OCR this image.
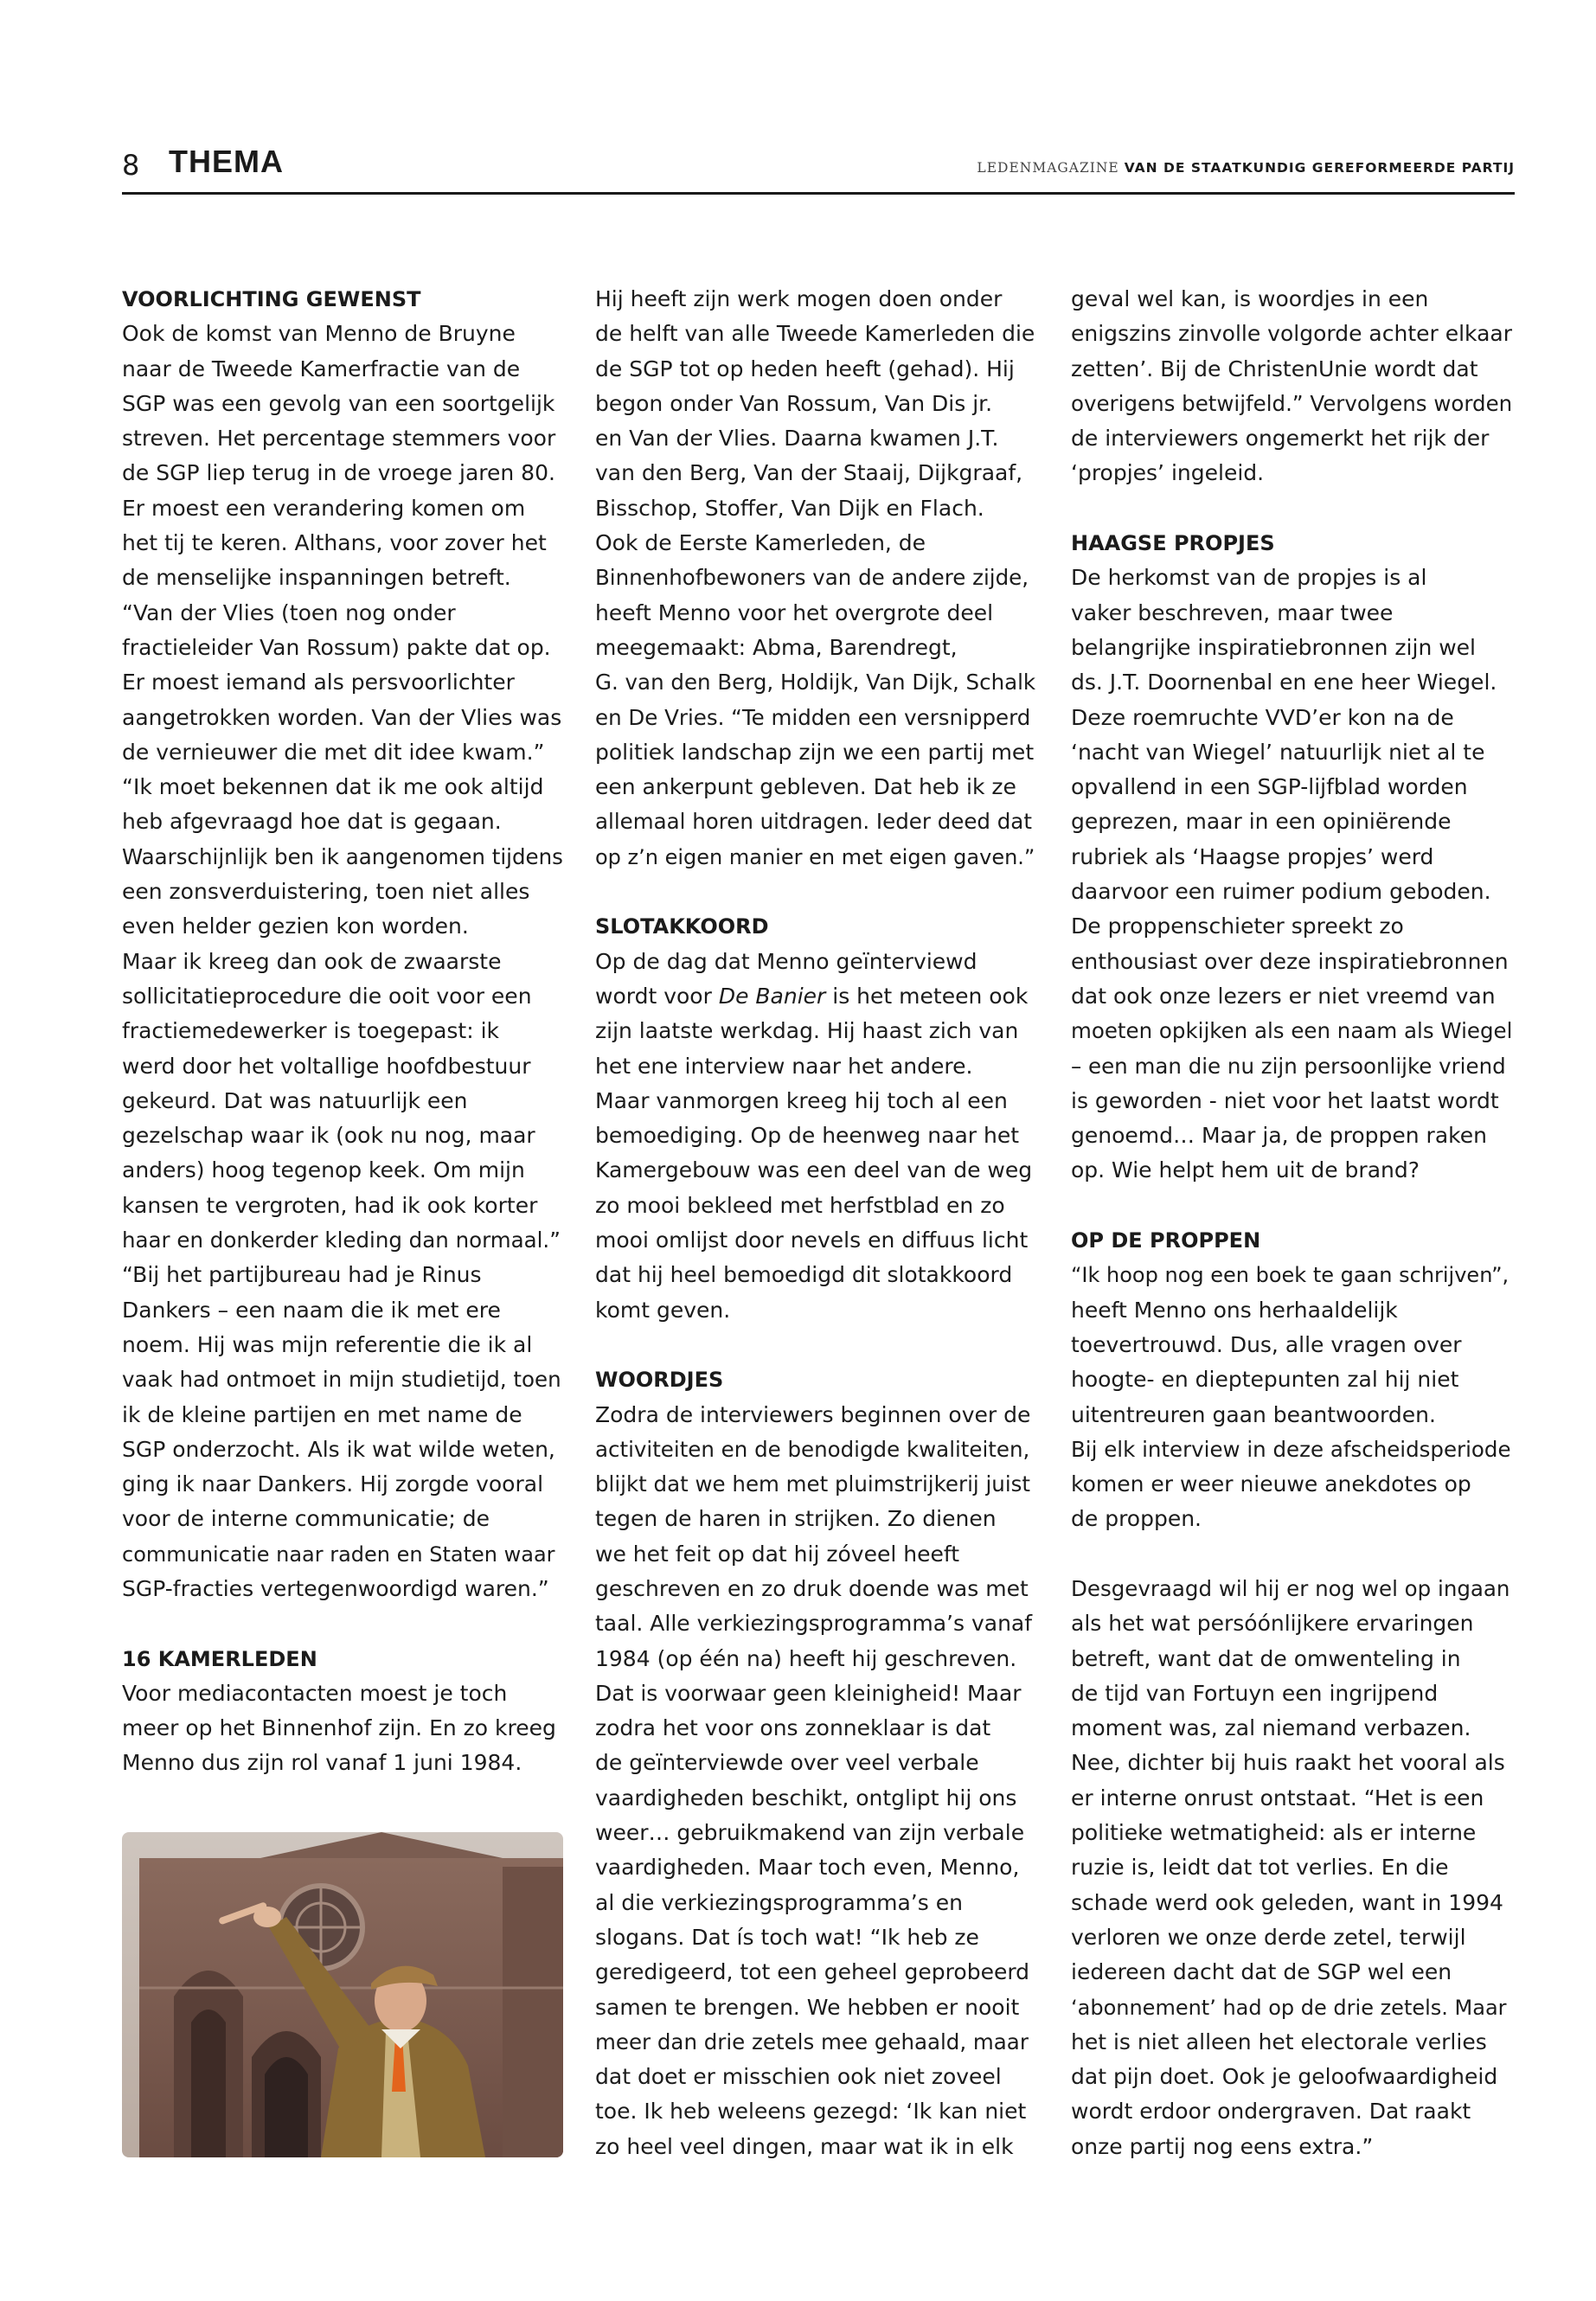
8 THEMA	LEDENMAGAZINE VAN DE STAATKUNDIG GEREFORMEERDE PARTIJ
VOORLICHTING GEWENST

Ook de komst van Menno de Bruyne

naar de Tweede Kamerfractie van de

SGP was een gevolg van een soortgelijk

streven. Het percentage stemmers voor

de SGP liep terug in de vroege jaren 80.

Er moest een verandering komen om

het tij te keren. Althans, voor zover het

de menselijke inspanningen betreft.

“Van der Vlies (toen nog onder

fractieleider Van Rossum) pakte dat op.

Er moest iemand als persvoorlichter

aangetrokken worden. Van der Vlies was

de vernieuwer die met dit idee kwam.”

“Ik moet bekennen dat ik me ook altijd

heb afgevraagd hoe dat is gegaan.

Waarschijnlijk ben ik aangenomen tijdens

een zonsverduistering, toen niet alles

even helder gezien kon worden.

Maar ik kreeg dan ook de zwaarste

sollicitatieprocedure die ooit voor een

fractiemedewerker is toegepast: ik

werd door het voltallige hoofdbestuur

gekeurd. Dat was natuurlijk een

gezelschap waar ik (ook nu nog, maar

anders) hoog tegenop keek. Om mijn

kansen te vergroten, had ik ook korter

haar en donkerder kleding dan normaal.”

“Bij het partijbureau had je Rinus

Dankers – een naam die ik met ere

noem. Hij was mijn referentie die ik al

vaak had ontmoet in mijn studietijd, toen

ik de kleine partijen en met name de

SGP onderzocht. Als ik wat wilde weten,

ging ik naar Dankers. Hij zorgde vooral

voor de interne communicatie; de

communicatie naar raden en Staten waar

SGP-fracties vertegenwoordigd waren.”

16 KAMERLEDEN

Voor mediacontacten moest je toch

meer op het Binnenhof zijn. En zo kreeg

Menno dus zijn rol vanaf 1 juni 1984.

Hij heeft zijn werk mogen doen onder

de helft van alle Tweede Kamerleden die

de SGP tot op heden heeft (gehad). Hij

begon onder Van Rossum, Van Dis jr.

en Van der Vlies. Daarna kwamen J.T.

van den Berg, Van der Staaij, Dijkgraaf,

Bisschop, Stoffer, Van Dijk en Flach.

Ook de Eerste Kamerleden, de

Binnenhofbewoners van de andere zijde,

heeft Menno voor het overgrote deel

meegemaakt: Abma, Barendregt,

G. van den Berg, Holdijk, Van Dijk, Schalk

en De Vries. “Te midden een versnipperd

politiek landschap zijn we een partij met

een ankerpunt gebleven. Dat heb ik ze

allemaal horen uitdragen. Ieder deed dat

op z’n eigen manier en met eigen gaven.”

SLOTAKKOORD

Op de dag dat Menno geïnterviewd

wordt voor De Banier is het meteen ook

zijn laatste werkdag. Hij haast zich van

het ene interview naar het andere.

Maar vanmorgen kreeg hij toch al een

bemoediging. Op de heenweg naar het

Kamergebouw was een deel van de weg

zo mooi bekleed met herfstblad en zo

mooi omlijst door nevels en diffuus licht

dat hij heel bemoedigd dit slotakkoord

komt geven.

WOORDJES

Zodra de interviewers beginnen over de

activiteiten en de benodigde kwaliteiten,

blijkt dat we hem met pluimstrijkerij juist

tegen de haren in strijken. Zo dienen

we het feit op dat hij zóveel heeft

geschreven en zo druk doende was met

taal. Alle verkiezingsprogramma’s vanaf

1984 (op één na) heeft hij geschreven.

Dat is voorwaar geen kleinigheid! Maar

zodra het voor ons zonneklaar is dat

de geïnterviewde over veel verbale

vaardigheden beschikt, ontglipt hij ons

weer… gebruikmakend van zijn verbale

vaardigheden. Maar toch even, Menno,

al die verkiezingsprogramma’s en

slogans. Dat ís toch wat! “Ik heb ze

geredigeerd, tot een geheel geprobeerd

samen te brengen. We hebben er nooit

meer dan drie zetels mee gehaald, maar

dat doet er misschien ook niet zoveel

toe. Ik heb weleens gezegd: ‘Ik kan niet

zo heel veel dingen, maar wat ik in elk

geval wel kan, is woordjes in een

enigszins zinvolle volgorde achter elkaar

zetten’. Bij de ChristenUnie wordt dat

overigens betwijfeld.” Vervolgens worden

de interviewers ongemerkt het rijk der

‘propjes’ ingeleid.

HAAGSE PROPJES

De herkomst van de propjes is al

vaker beschreven, maar twee

belangrijke inspiratiebronnen zijn wel

ds. J.T. Doornenbal en ene heer Wiegel.

Deze roemruchte VVD’er kon na de

‘nacht van Wiegel’ natuurlijk niet al te

opvallend in een SGP-lijfblad worden

geprezen, maar in een opiniërende

rubriek als ‘Haagse propjes’ werd

daarvoor een ruimer podium geboden.

De proppenschieter spreekt zo

enthousiast over deze inspiratiebronnen

dat ook onze lezers er niet vreemd van

moeten opkijken als een naam als Wiegel

– een man die nu zijn persoonlijke vriend

is geworden - niet voor het laatst wordt

genoemd… Maar ja, de proppen raken

op. Wie helpt hem uit de brand?

OP DE PROPPEN

“Ik hoop nog een boek te gaan schrijven”,

heeft Menno ons herhaaldelijk

toevertrouwd. Dus, alle vragen over

hoogte- en dieptepunten zal hij niet

uitentreuren gaan beantwoorden.

Bij elk interview in deze afscheidsperiode

komen er weer nieuwe anekdotes op

de proppen.

Desgevraagd wil hij er nog wel op ingaan

als het wat persóónlijkere ervaringen

betreft, want dat de omwenteling in

de tijd van Fortuyn een ingrijpend

moment was, zal niemand verbazen.

Nee, dichter bij huis raakt het vooral als

er interne onrust ontstaat. “Het is een

politieke wetmatigheid: als er interne

ruzie is, leidt dat tot verlies. En die

schade werd ook geleden, want in 1994

verloren we onze derde zetel, terwijl

iedereen dacht dat de SGP wel een

‘abonnement’ had op de drie zetels. Maar

het is niet alleen het electorale verlies

dat pijn doet. Ook je geloofwaardigheid

wordt erdoor ondergraven. Dat raakt

onze partij nog eens extra.”
